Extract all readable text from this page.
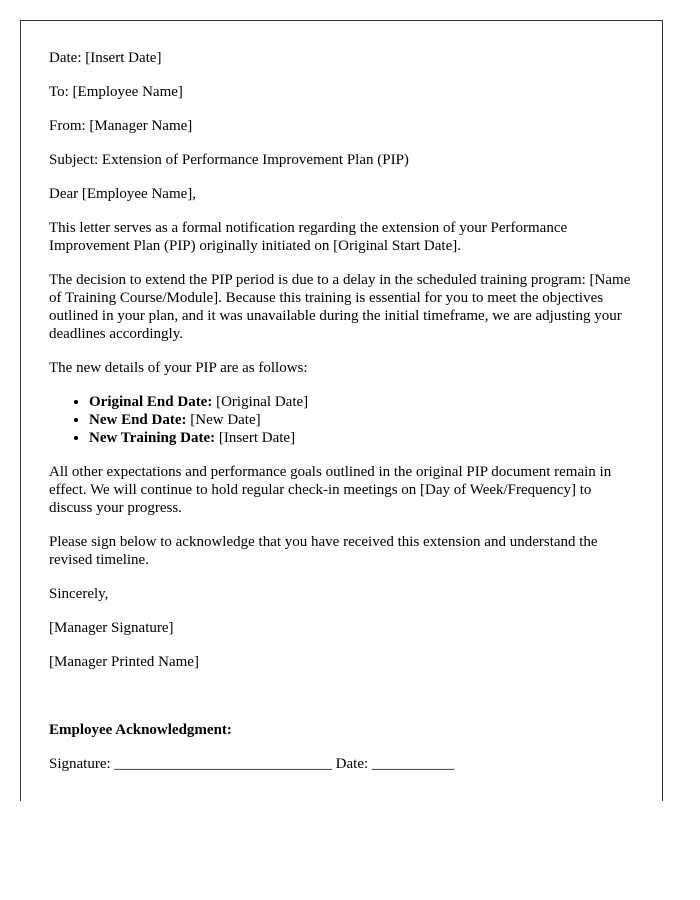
Date: [Insert Date]

To: [Employee Name]

From: [Manager Name]

Subject: Extension of Performance Improvement Plan (PIP)

Dear [Employee Name],

This letter serves as a formal notification regarding the extension of your Performance Improvement Plan (PIP) originally initiated on [Original Start Date].

The decision to extend the PIP period is due to a delay in the scheduled training program: [Name of Training Course/Module]. Because this training is essential for you to meet the objectives outlined in your plan, and it was unavailable during the initial timeframe, we are adjusting your deadlines accordingly.

The new details of your PIP are as follows:

• Original End Date: [Original Date]
• New End Date: [New Date]
• New Training Date: [Insert Date]

All other expectations and performance goals outlined in the original PIP document remain in effect. We will continue to hold regular check-in meetings on [Day of Week/Frequency] to discuss your progress.

Please sign below to acknowledge that you have received this extension and understand the revised timeline.

Sincerely,

[Manager Signature]

[Manager Printed Name]

Employee Acknowledgment:

Signature: _____________________________ Date: ___________
